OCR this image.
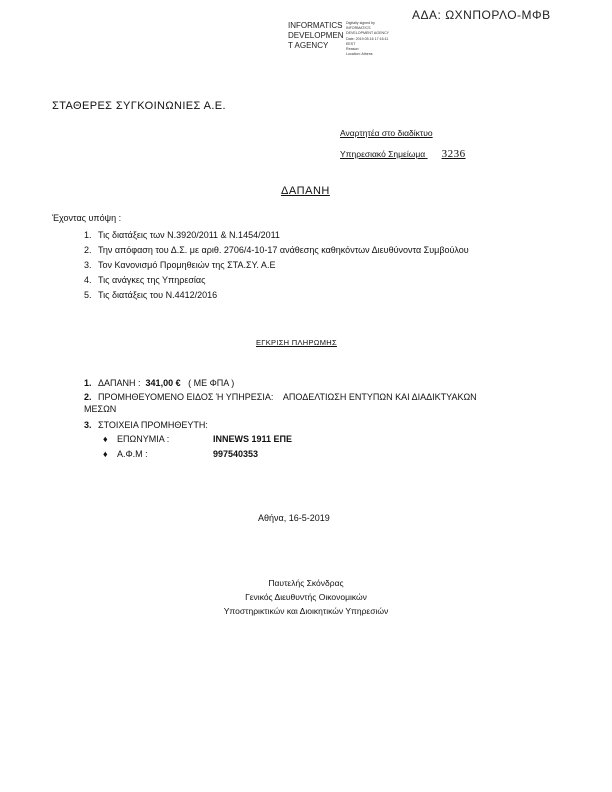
ΑΔΑ: ΩΧΝΠΟΡΛΟ-ΜΦΒ
INFORMATICS
DEVELOPMEN
T AGENCY
Digitally signed by
INFORMATICS
DEVELOPMENT AGENCY
Date: 2019.05.16 17:16:11
EEST
Reason:
Location: Athens
ΣΤΑΘΕΡΕΣ ΣΥΓΚΟΙΝΩΝΙΕΣ Α.Ε.
Αναρτητέα στο διαδίκτυο
Υπηρεσιακό Σημείωμα 3236
ΔΑΠΑΝΗ
Έχοντας υπόψη :
1. Τις διατάξεις των Ν.3920/2011 & Ν.1454/2011
2. Την απόφαση του Δ.Σ. με αριθ. 2706/4-10-17 ανάθεσης καθηκόντων Διευθύνοντα Συμβούλου
3. Τον Κανονισμό Προμηθειών της ΣΤΑ.ΣΥ. Α.Ε
4. Τις ανάγκες της Υπηρεσίας
5. Τις διατάξεις του Ν.4412/2016
ΕΓΚΡΙΣΗ ΠΛΗΡΩΜΗΣ
1. ΔΑΠΑΝΗ : 341,00 € ( ΜΕ ΦΠΑ )
2. ΠΡΟΜΗΘΕΥΟΜΕΝΟ ΕΙΔΟΣ Ή ΥΠΗΡΕΣΙΑ: ΑΠΟΔΕΛΤΙΩΣΗ ΕΝΤΥΠΩΝ ΚΑΙ ΔΙΑΔΙΚΤΥΑΚΩΝ
ΜΕΣΩΝ
3. ΣΤΟΙΧΕΙΑ ΠΡΟΜΗΘΕΥΤΗ:
♦ ΕΠΩΝΥΜΙΑ :	INNEWS 1911 ΕΠΕ
♦ Α.Φ.Μ :	997540353
Αθήνα, 16-5-2019
Παυτελής Σκόνδρας
Γενικός Διευθυντής Οικονομικών
Υποστηρικτικών και Διοικητικών Υπηρεσιών
